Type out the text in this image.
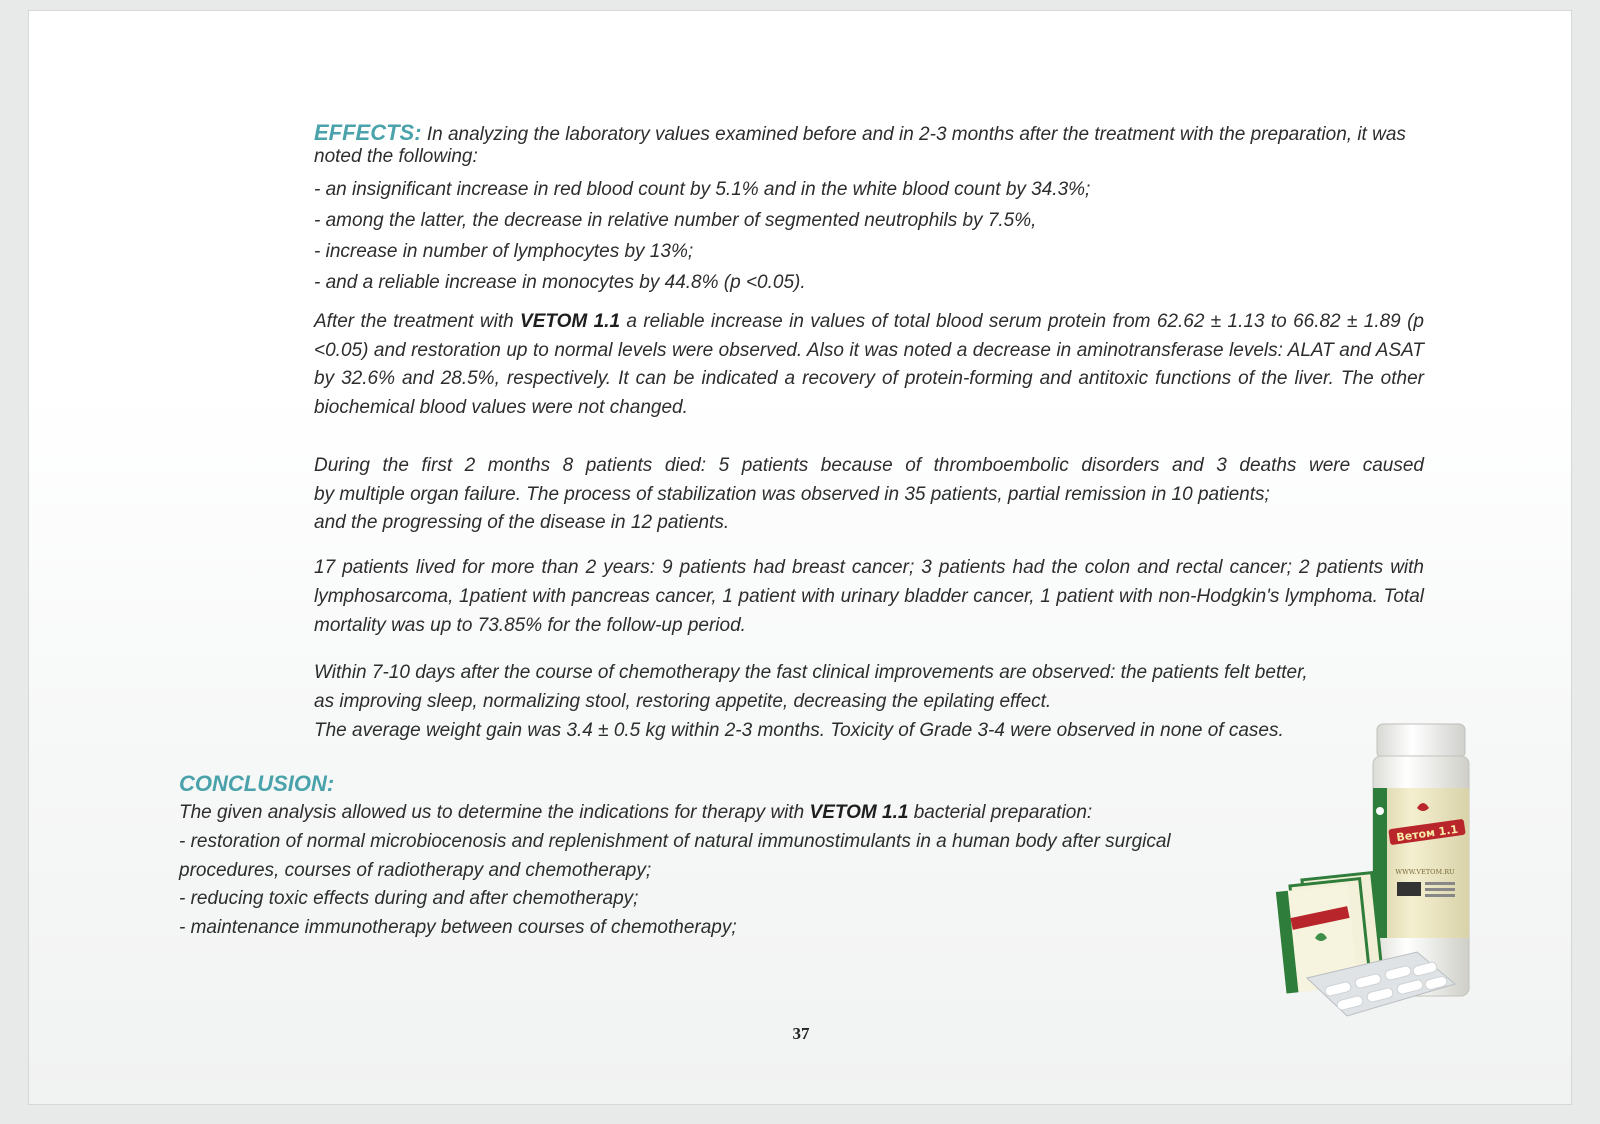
EFFECTS: In analyzing the laboratory values examined before and in 2-3 months after the treatment with the preparation, it was noted the following:
- an insignificant increase in red blood count by 5.1% and in the white blood count by 34.3%;
- among the latter, the decrease in relative number of segmented neutrophils by 7.5%,
- increase in number of lymphocytes by 13%;
- and a reliable increase in monocytes by 44.8% (p <0.05).
After the treatment with VETOM 1.1 a reliable increase in values of total blood serum protein from 62.62 ± 1.13 to 66.82 ± 1.89 (p <0.05) and restoration up to normal levels were observed. Also it was noted a decrease in aminotransferase levels: ALAT and ASAT by 32.6% and 28.5%, respectively. It can be indicated a recovery of protein-forming and antitoxic functions of the liver. The other biochemical blood values were not changed.
During the first 2 months 8 patients died: 5 patients because of thromboembolic disorders and 3 deaths were caused
by multiple organ failure. The process of stabilization was observed in 35 patients, partial remission in 10 patients;
and the progressing of the disease in 12 patients.
17 patients lived for more than 2 years: 9 patients had breast cancer; 3 patients had the colon and rectal cancer; 2 patients with lymphosarcoma, 1patient with pancreas cancer, 1 patient with urinary bladder cancer, 1 patient with non-Hodgkin's lymphoma. Total mortality was up to 73.85% for the follow-up period.
Within 7-10 days after the course of chemotherapy the fast clinical improvements are observed: the patients felt better,
as improving sleep, normalizing stool, restoring appetite, decreasing the epilating effect.
The average weight gain was 3.4 ± 0.5 kg within 2-3 months. Toxicity of Grade 3-4 were observed in none of cases.
CONCLUSION:
The given analysis allowed us to determine the indications for therapy with VETOM 1.1 bacterial preparation:
- restoration of normal microbiocenosis and replenishment of natural immunostimulants in a human body after surgical
procedures, courses of radiotherapy and chemotherapy;
- reducing toxic effects during and after chemotherapy;
- maintenance immunotherapy between courses of chemotherapy;
Ветом 1.1
WWW.VETOM.RU
37
